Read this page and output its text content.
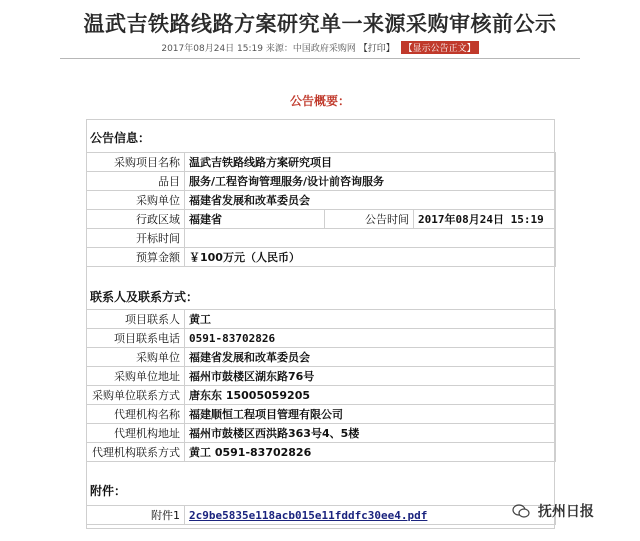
温武吉铁路线路方案研究单一来源采购审核前公示
2017年08月24日 15:19 来源：中国政府采购网 【打印】 【显示公告正文】
公告概要：
公告信息：
采购项目名称	温武吉铁路线路方案研究项目		
品目	服务/工程咨询管理服务/设计前咨询服务		
采购单位	福建省发展和改革委员会		
行政区域	福建省	公告时间	2017年08月24日 15:19
开标时间			
预算金额	￥100万元（人民币）		
联系人及联系方式：
项目联系人	黄工
项目联系电话	0591-83702826
采购单位	福建省发展和改革委员会
采购单位地址	福州市鼓楼区湖东路76号
采购单位联系方式	唐东东 15005059205
代理机构名称	福建顺恒工程项目管理有限公司
代理机构地址	福州市鼓楼区西洪路363号4、5楼
代理机构联系方式	黄工 0591-83702826
附件：
附件1	2c9be5835e118acb015e11fddfc30ee4.pdf	抚州日报
